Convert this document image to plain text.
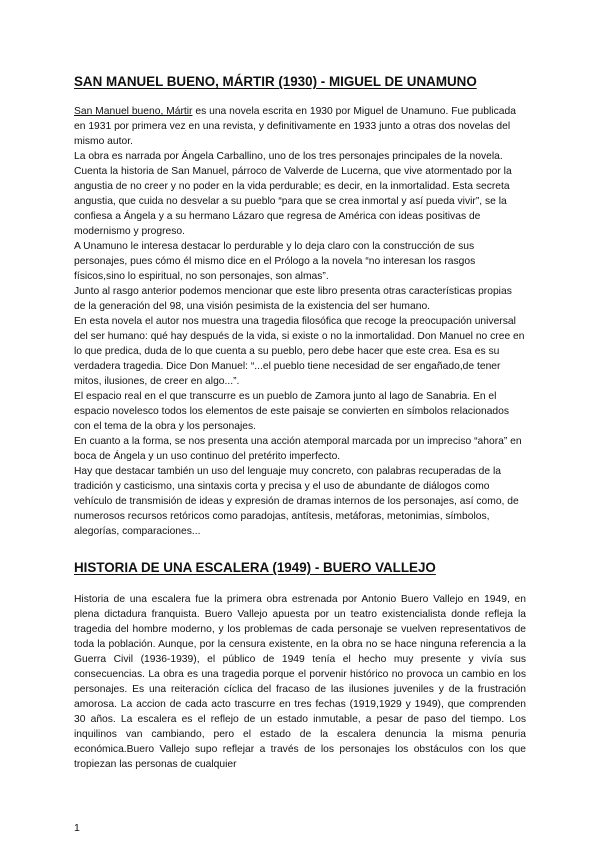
SAN MANUEL BUENO, MÁRTIR (1930) - MIGUEL DE UNAMUNO

San Manuel bueno, Mártir es una novela escrita en 1930 por Miguel de Unamuno. Fue publicada en 1931 por primera vez en una revista, y definitivamente en 1933 junto a otras dos novelas del mismo autor.

La obra es narrada por Ángela Carballino, uno de los tres personajes principales de la novela. Cuenta la historia de San Manuel, párroco de Valverde de Lucerna, que vive atormentado por la angustia de no creer y no poder en la vida perdurable; es decir, en la inmortalidad. Esta secreta angustia, que cuida no desvelar a su pueblo “para que se crea inmortal y así pueda vivir”, se la confiesa a Ángela y a su hermano Lázaro que regresa de América con ideas positivas de modernismo y progreso.

A Unamuno le interesa destacar lo perdurable y lo deja claro con la construcción de sus personajes, pues cómo él mismo dice en el Prólogo a la novela “no interesan los rasgos físicos,sino lo espiritual, no son personajes, son almas”.

Junto al rasgo anterior podemos mencionar que este libro presenta otras características propias de la generación del 98, una visión pesimista de la existencia del ser humano.

En esta novela el autor nos muestra una tragedia filosófica que recoge la preocupación universal del ser humano: qué hay después de la vida, si existe o no la inmortalidad. Don Manuel no cree en lo que predica, duda de lo que cuenta a su pueblo, pero debe hacer que este crea. Esa es su verdadera tragedia. Dice Don Manuel: “...el pueblo tiene necesidad de ser engañado,de tener mitos, ilusiones, de creer en algo...”.

El espacio real en el que transcurre es un pueblo de Zamora junto al lago de Sanabria. En el espacio novelesco todos los elementos de este paisaje se convierten en símbolos relacionados con el tema de la obra y los personajes.

En cuanto a la forma, se nos presenta una acción atemporal marcada por un impreciso “ahora” en boca de Ángela y un uso continuo del pretérito imperfecto.

Hay que destacar también un uso del lenguaje muy concreto, con palabras recuperadas de la tradición y casticismo, una sintaxis corta y precisa y el uso de abundante de diálogos como vehículo de transmisión de ideas y expresión de dramas internos de los personajes, así como, de numerosos recursos retóricos como paradojas, antítesis, metáforas, metonimias, símbolos, alegorías, comparaciones...

HISTORIA DE UNA ESCALERA (1949) - BUERO VALLEJO

Historia de una escalera fue la primera obra estrenada por Antonio Buero Vallejo en 1949, en plena dictadura franquista. Buero Vallejo apuesta por un teatro existencialista donde refleja la tragedia del hombre moderno, y los problemas de cada personaje se vuelven representativos de toda la población. Aunque, por la censura existente, en la obra no se hace ninguna referencia a la Guerra Civil (1936-1939), el público de 1949 tenía el hecho muy presente y vivía sus consecuencias. La obra es una tragedia porque el porvenir histórico no provoca un cambio en los personajes. Es una reiteración cíclica del fracaso de las ilusiones juveniles y de la frustración amorosa. La accion de cada acto trascurre en tres fechas (1919,1929 y 1949), que comprenden 30 años. La escalera es el reflejo de un estado inmutable, a pesar de paso del tiempo. Los inquilinos van cambiando, pero el estado de la escalera denuncia la misma penuria económica.Buero Vallejo supo reflejar a través de los personajes los obstáculos con los que tropiezan las personas de cualquier

1
